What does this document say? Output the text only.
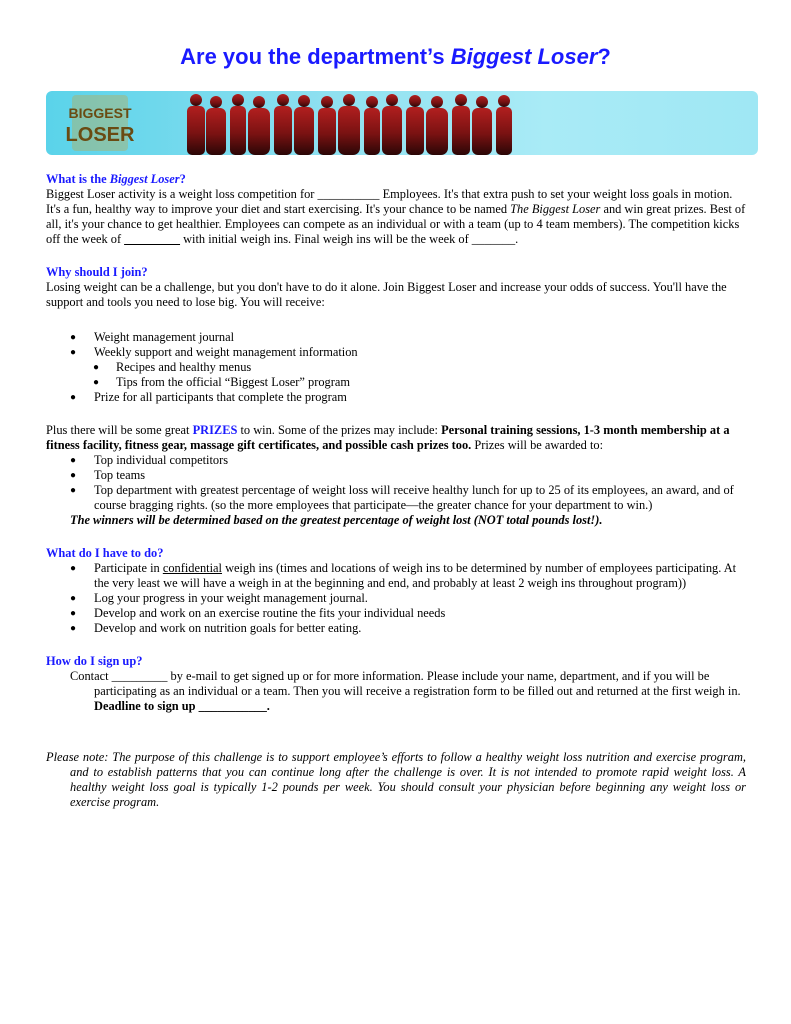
Are you the department’s Biggest Loser?
BIGGEST
LOSER

What is the Biggest Loser?

Biggest Loser activity is a weight loss competition for __________ Employees. It's that extra push to set your weight loss goals in motion. It's a fun, healthy way to improve your diet and start exercising. It's your chance to be named The Biggest Loser and win great prizes. Best of all, it's your chance to get healthier. Employees can compete as an individual or with a team (up to 4 team members). The competition kicks off the week of _________ with initial weigh ins. Final weigh ins will be the week of _______.

Why should I join?

Losing weight can be a challenge, but you don't have to do it alone. Join Biggest Loser and increase your odds of success. You'll have the support and tools you need to lose big. You will receive:

● Weight management journal
● Weekly support and weight management information
● Recipes and healthy menus
● Tips from the official “Biggest Loser” program
● Prize for all participants that complete the program

Plus there will be some great PRIZES to win. Some of the prizes may include: Personal training sessions, 1-3 month membership at a fitness facility, fitness gear, massage gift certificates, and possible cash prizes too. Prizes will be awarded to:

● Top individual competitors
● Top teams
● Top department with greatest percentage of weight loss will receive healthy lunch for up to 25 of its employees, an award, and of course bragging rights. (so the more employees that participate—the greater chance for your department to win.)

The winners will be determined based on the greatest percentage of weight lost (NOT total pounds lost!).

What do I have to do?

● Participate in confidential weigh ins (times and locations of weigh ins to be determined by number of employees participating. At the very least we will have a weigh in at the beginning and end, and probably at least 2 weigh ins throughout program))
● Log your progress in your weight management journal.
● Develop and work on an exercise routine the fits your individual needs
● Develop and work on nutrition goals for better eating.

How do I sign up?

Contact _________ by e-mail to get signed up or for more information. Please include your name, department, and if you will be participating as an individual or a team. Then you will receive a registration form to be filled out and returned at the first weigh in. Deadline to sign up ___________.

Please note: The purpose of this challenge is to support employee’s efforts to follow a healthy weight loss nutrition and exercise program, and to establish patterns that you can continue long after the challenge is over. It is not intended to promote rapid weight loss. A healthy weight loss goal is typically 1-2 pounds per week. You should consult your physician before beginning any weight loss or exercise program.
